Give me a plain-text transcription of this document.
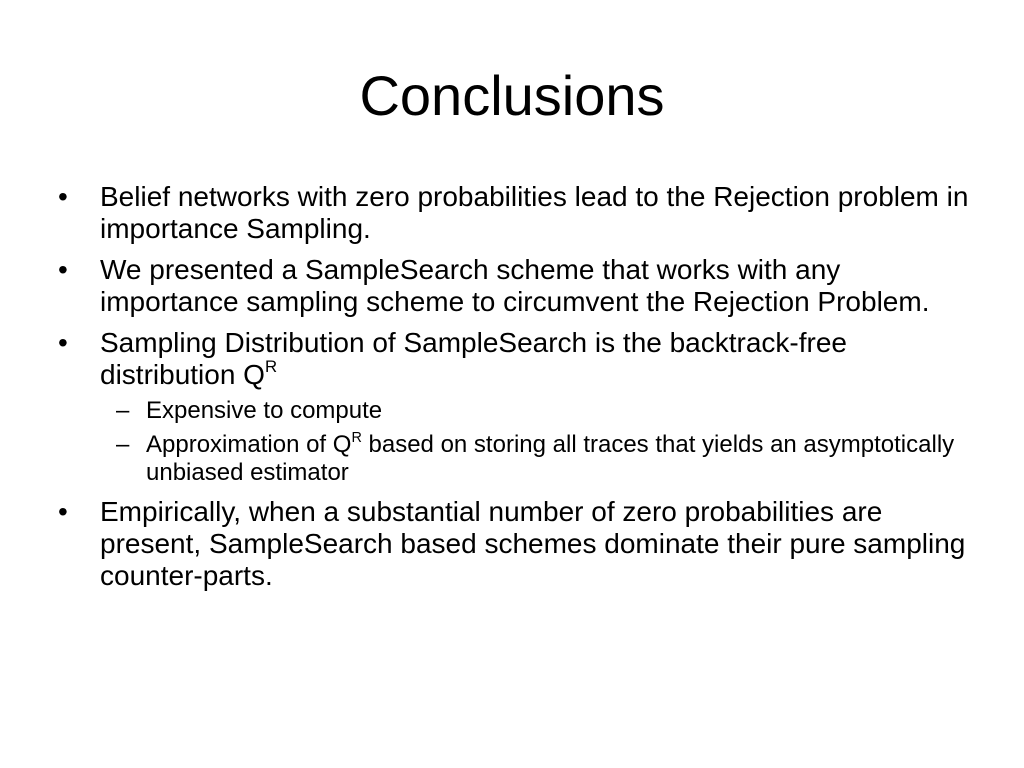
Conclusions
• Belief networks with zero probabilities lead to the Rejection problem in importance Sampling.
• We presented a SampleSearch scheme that works with any importance sampling scheme to circumvent the Rejection Problem.
• Sampling Distribution of SampleSearch is the backtrack-free distribution $Q^R$
– Expensive to compute
– Approximation of $Q^R$ based on storing all traces that yields an asymptotically unbiased estimator
• Empirically, when a substantial number of zero probabilities are present, SampleSearch based schemes dominate their pure sampling counter-parts.
